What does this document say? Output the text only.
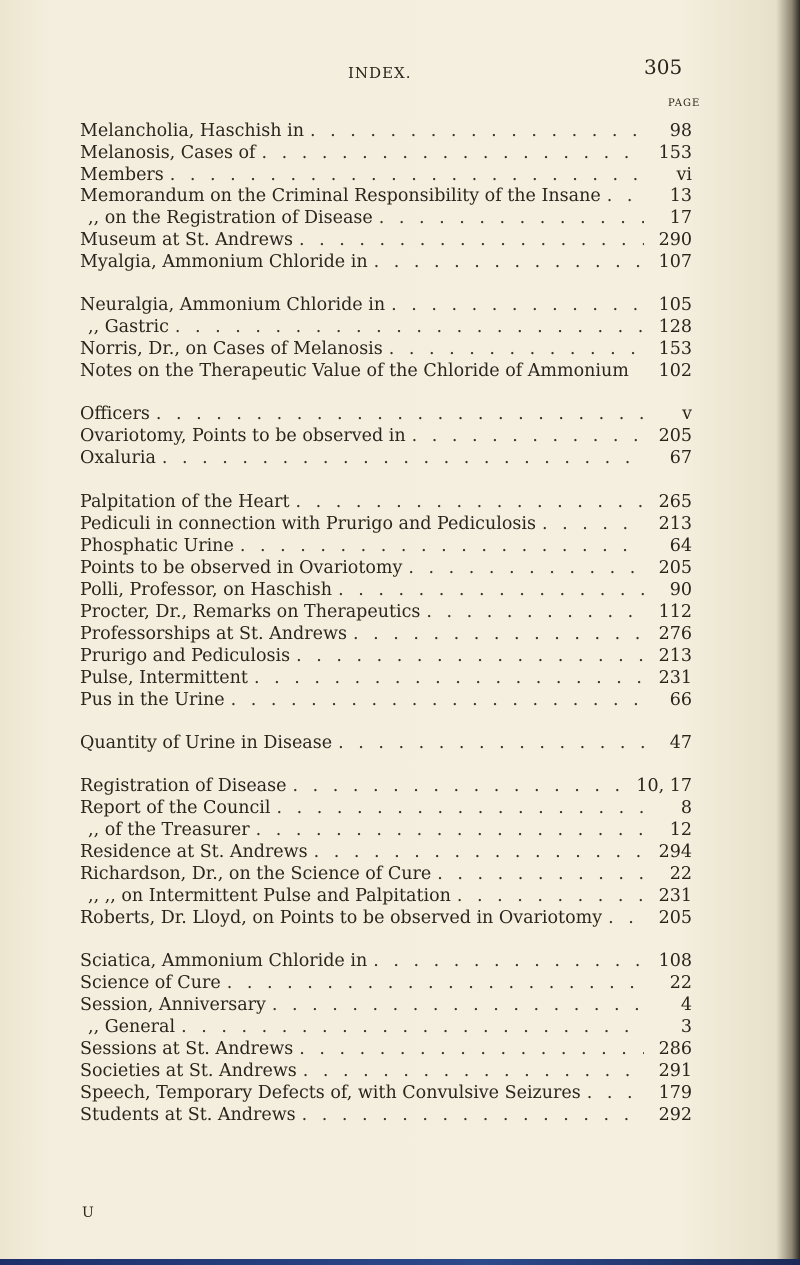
INDEX.	305
PAGE
Melancholia, Haschish in . . .	98
Melanosis, Cases of . . .	153
Members . . .	vi
Memorandum on the Criminal Responsibility of the Insane . . .	13
,, on the Registration of Disease . . .	17
Museum at St. Andrews . . .	290
Myalgia, Ammonium Chloride in . . .	107
Neuralgia, Ammonium Chloride in . . .	105
,, Gastric . . .	128
Norris, Dr., on Cases of Melanosis . . .	153
Notes on the Therapeutic Value of the Chloride of Ammonium	102
Officers . . .	v
Ovariotomy, Points to be observed in . . .	205
Oxaluria . . .	67
Palpitation of the Heart . . .	265
Pediculi in connection with Prurigo and Pediculosis . . .	213
Phosphatic Urine . . .	64
Points to be observed in Ovariotomy . . .	205
Polli, Professor, on Haschish . . .	90
Procter, Dr., Remarks on Therapeutics . . .	112
Professorships at St. Andrews . . .	276
Prurigo and Pediculosis . . .	213
Pulse, Intermittent . . .	231
Pus in the Urine . . .	66
Quantity of Urine in Disease . . .	47
Registration of Disease . . .	10, 17
Report of the Council . . .	8
,, of the Treasurer . . .	12
Residence at St. Andrews . . .	294
Richardson, Dr., on the Science of Cure . . .	22
,, ,, on Intermittent Pulse and Palpitation . . .	231
Roberts, Dr. Lloyd, on Points to be observed in Ovariotomy . . .	205
Sciatica, Ammonium Chloride in . . .	108
Science of Cure . . .	22
Session, Anniversary . . .	4
,, General . . .	3
Sessions at St. Andrews . . .	286
Societies at St. Andrews . . .	291
Speech, Temporary Defects of, with Convulsive Seizures . . .	179
Students at St. Andrews . . .	292
U
